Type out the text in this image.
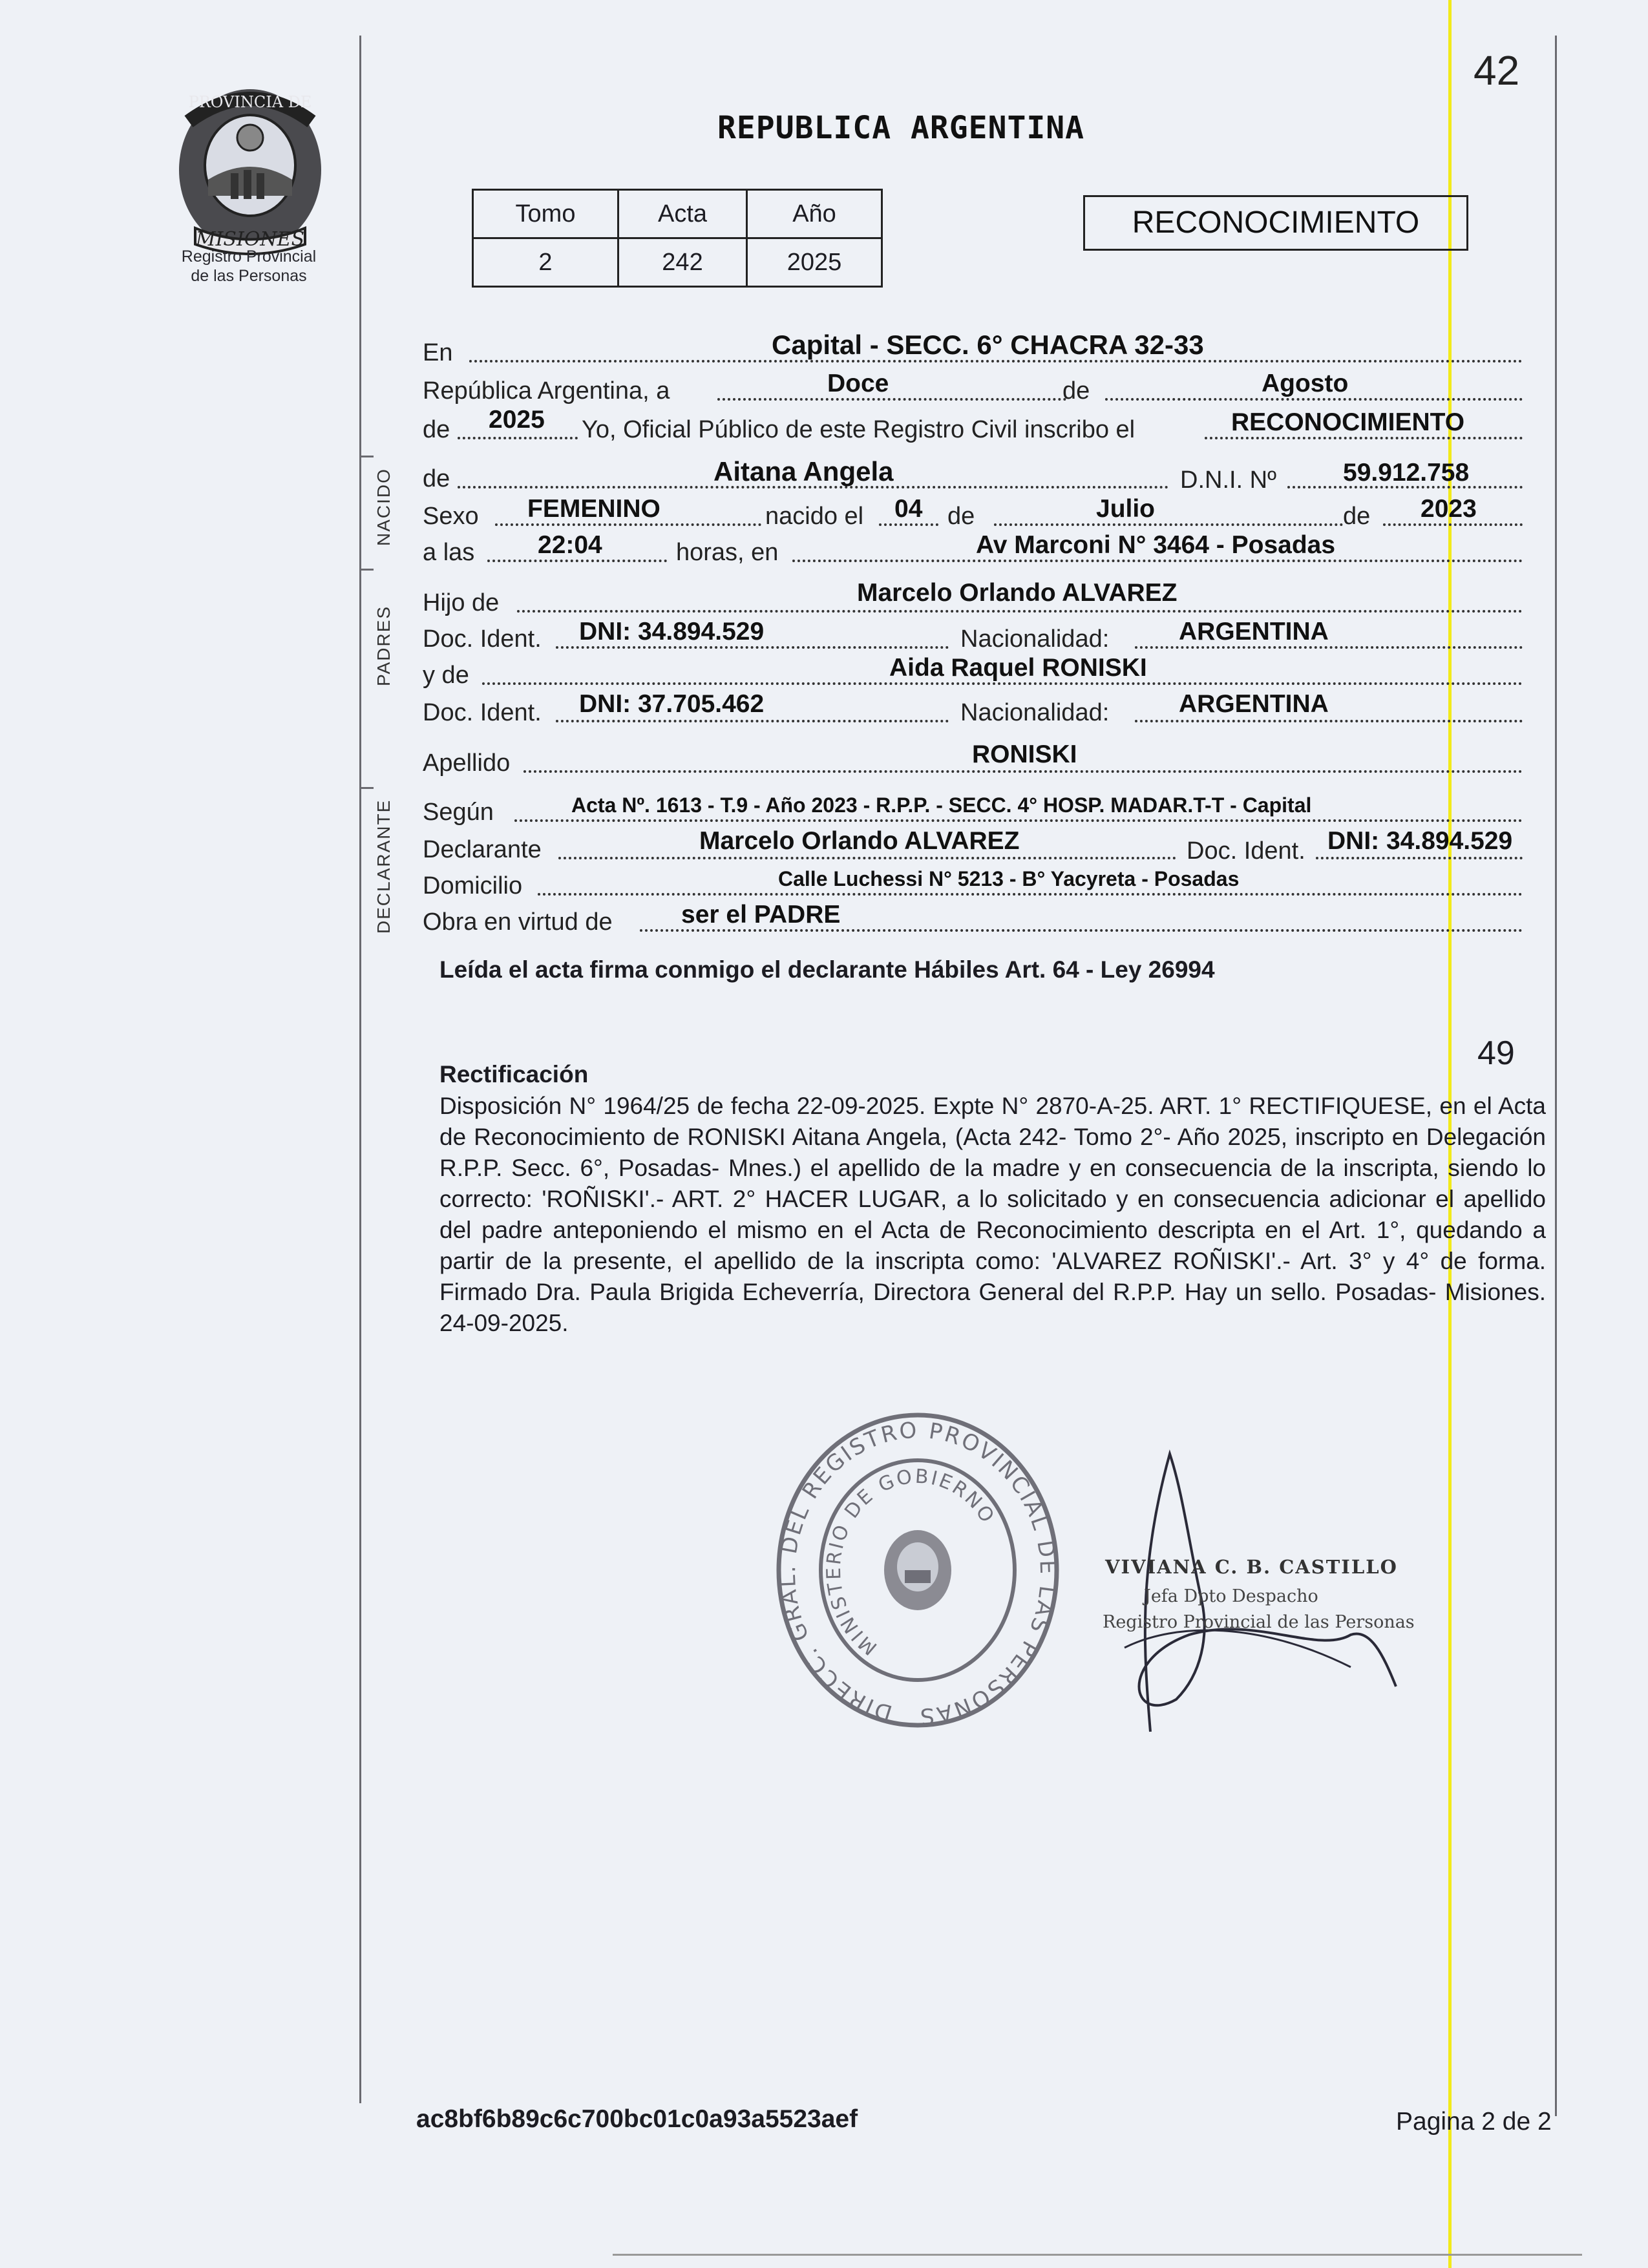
PROVINCIA DE
MISIONES
Registro Provincial
de las Personas
42
REPUBLICA ARGENTINA
Tomo	Acta	Año
2	242	2025
RECONOCIMIENTO
NACIDO
PADRES
DECLARANTE
En	Capital - SECC. 6° CHACRA 32-33
República Argentina, a	Doce	de	Agosto
de 2025 Yo, Oficial Público de este Registro Civil inscribo el	RECONOCIMIENTO
de	Aitana Angela	D.N.I. Nº	59.912.758
Sexo FEMENINO	nacido el 04 de	Julio	de 2023
a las	22:04	horas, en	Av Marconi N° 3464 - Posadas
Hijo de	Marcelo Orlando ALVAREZ
Doc. Ident. DNI: 34.894.529	Nacionalidad:	ARGENTINA
y de	Aida Raquel RONISKI
Doc. Ident. DNI: 37.705.462	Nacionalidad:	ARGENTINA
Apellido	RONISKI
Según	Acta Nº. 1613 - T.9 - Año 2023 - R.P.P. - SECC. 4° HOSP. MADAR.T-T - Capital
Declarante	Marcelo Orlando ALVAREZ	Doc. Ident. DNI: 34.894.529
Domicilio	Calle Luchessi N° 5213 - B° Yacyreta - Posadas
Obra en virtud de	ser el PADRE
Leída el acta firma conmigo el declarante Hábiles Art. 64 - Ley 26994
49
Rectificación
Disposición N° 1964/25 de fecha 22-09-2025. Expte N° 2870-A-25. ART. 1° RECTIFIQUESE, en el Acta de Reconocimiento de RONISKI Aitana Angela, (Acta 242- Tomo 2°- Año 2025, inscripto en Delegación R.P.P. Secc. 6°, Posadas- Mnes.) el apellido de la madre y en consecuencia de la inscripta, siendo lo correcto: 'ROÑISKI'.- ART. 2° HACER LUGAR, a lo solicitado y en consecuencia adicionar el apellido del padre anteponiendo el mismo en el Acta de Reconocimiento descripta en el Art. 1°, quedando a partir de la presente, el apellido de la inscripta como: 'ALVAREZ ROÑISKI'.- Art. 3° y 4° de forma. Firmado Dra. Paula Brigida Echeverría, Directora General del R.P.P. Hay un sello. Posadas- Misiones. 24-09-2025.
DIRECC. GRAL. DEL REGISTRO PROVINCIAL DE LAS PERSONAS
MINISTERIO DE GOBIERNO
VIVIANA C. B. CASTILLO
Jefa Dpto Despacho
Registro Provincial de las Personas
ac8bf6b89c6c700bc01c0a93a5523aef	Pagina 2 de 2
